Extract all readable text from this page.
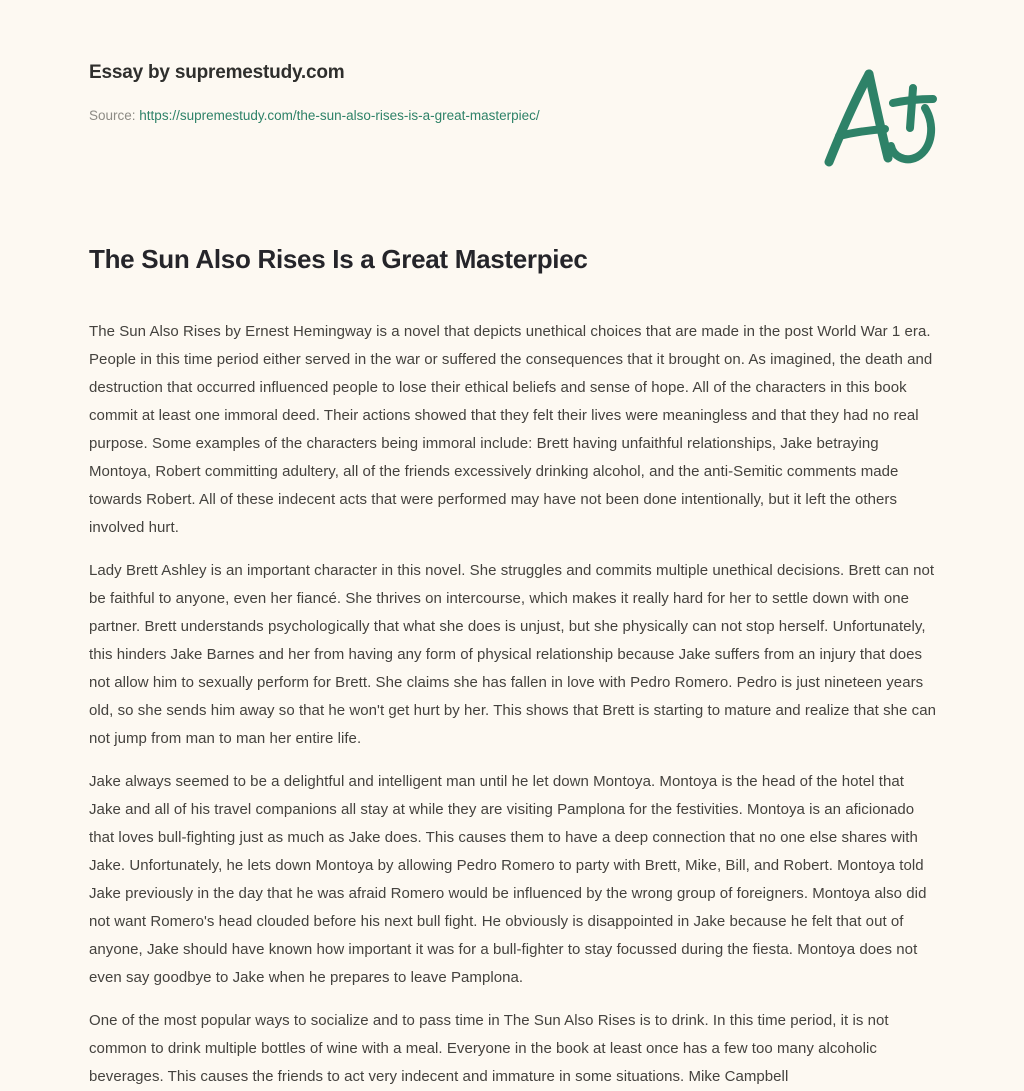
Essay by supremestudy.com
Source: https://supremestudy.com/the-sun-also-rises-is-a-great-masterpiec/
The Sun Also Rises Is a Great Masterpiec

The Sun Also Rises by Ernest Hemingway is a novel that depicts unethical choices that are made in the post World War 1 era. People in this time period either served in the war or suffered the consequences that it brought on. As imagined, the death and destruction that occurred influenced people to lose their ethical beliefs and sense of hope. All of the characters in this book commit at least one immoral deed. Their actions showed that they felt their lives were meaningless and that they had no real purpose. Some examples of the characters being immoral include: Brett having unfaithful relationships, Jake betraying Montoya, Robert committing adultery, all of the friends excessively drinking alcohol, and the anti-Semitic comments made towards Robert. All of these indecent acts that were performed may have not been done intentionally, but it left the others involved hurt.

Lady Brett Ashley is an important character in this novel. She struggles and commits multiple unethical decisions. Brett can not be faithful to anyone, even her fiancé. She thrives on intercourse, which makes it really hard for her to settle down with one partner. Brett understands psychologically that what she does is unjust, but she physically can not stop herself. Unfortunately, this hinders Jake Barnes and her from having any form of physical relationship because Jake suffers from an injury that does not allow him to sexually perform for Brett. She claims she has fallen in love with Pedro Romero. Pedro is just nineteen years old, so she sends him away so that he won't get hurt by her. This shows that Brett is starting to mature and realize that she can not jump from man to man her entire life.

Jake always seemed to be a delightful and intelligent man until he let down Montoya. Montoya is the head of the hotel that Jake and all of his travel companions all stay at while they are visiting Pamplona for the festivities. Montoya is an aficionado that loves bull-fighting just as much as Jake does. This causes them to have a deep connection that no one else shares with Jake. Unfortunately, he lets down Montoya by allowing Pedro Romero to party with Brett, Mike, Bill, and Robert. Montoya told Jake previously in the day that he was afraid Romero would be influenced by the wrong group of foreigners. Montoya also did not want Romero's head clouded before his next bull fight. He obviously is disappointed in Jake because he felt that out of anyone, Jake should have known how important it was for a bull-fighter to stay focussed during the fiesta. Montoya does not even say goodbye to Jake when he prepares to leave Pamplona.

One of the most popular ways to socialize and to pass time in The Sun Also Rises is to drink. In this time period, it is not common to drink multiple bottles of wine with a meal. Everyone in the book at least once has a few too many alcoholic beverages. This causes the friends to act very indecent and immature in some situations. Mike Campbell
